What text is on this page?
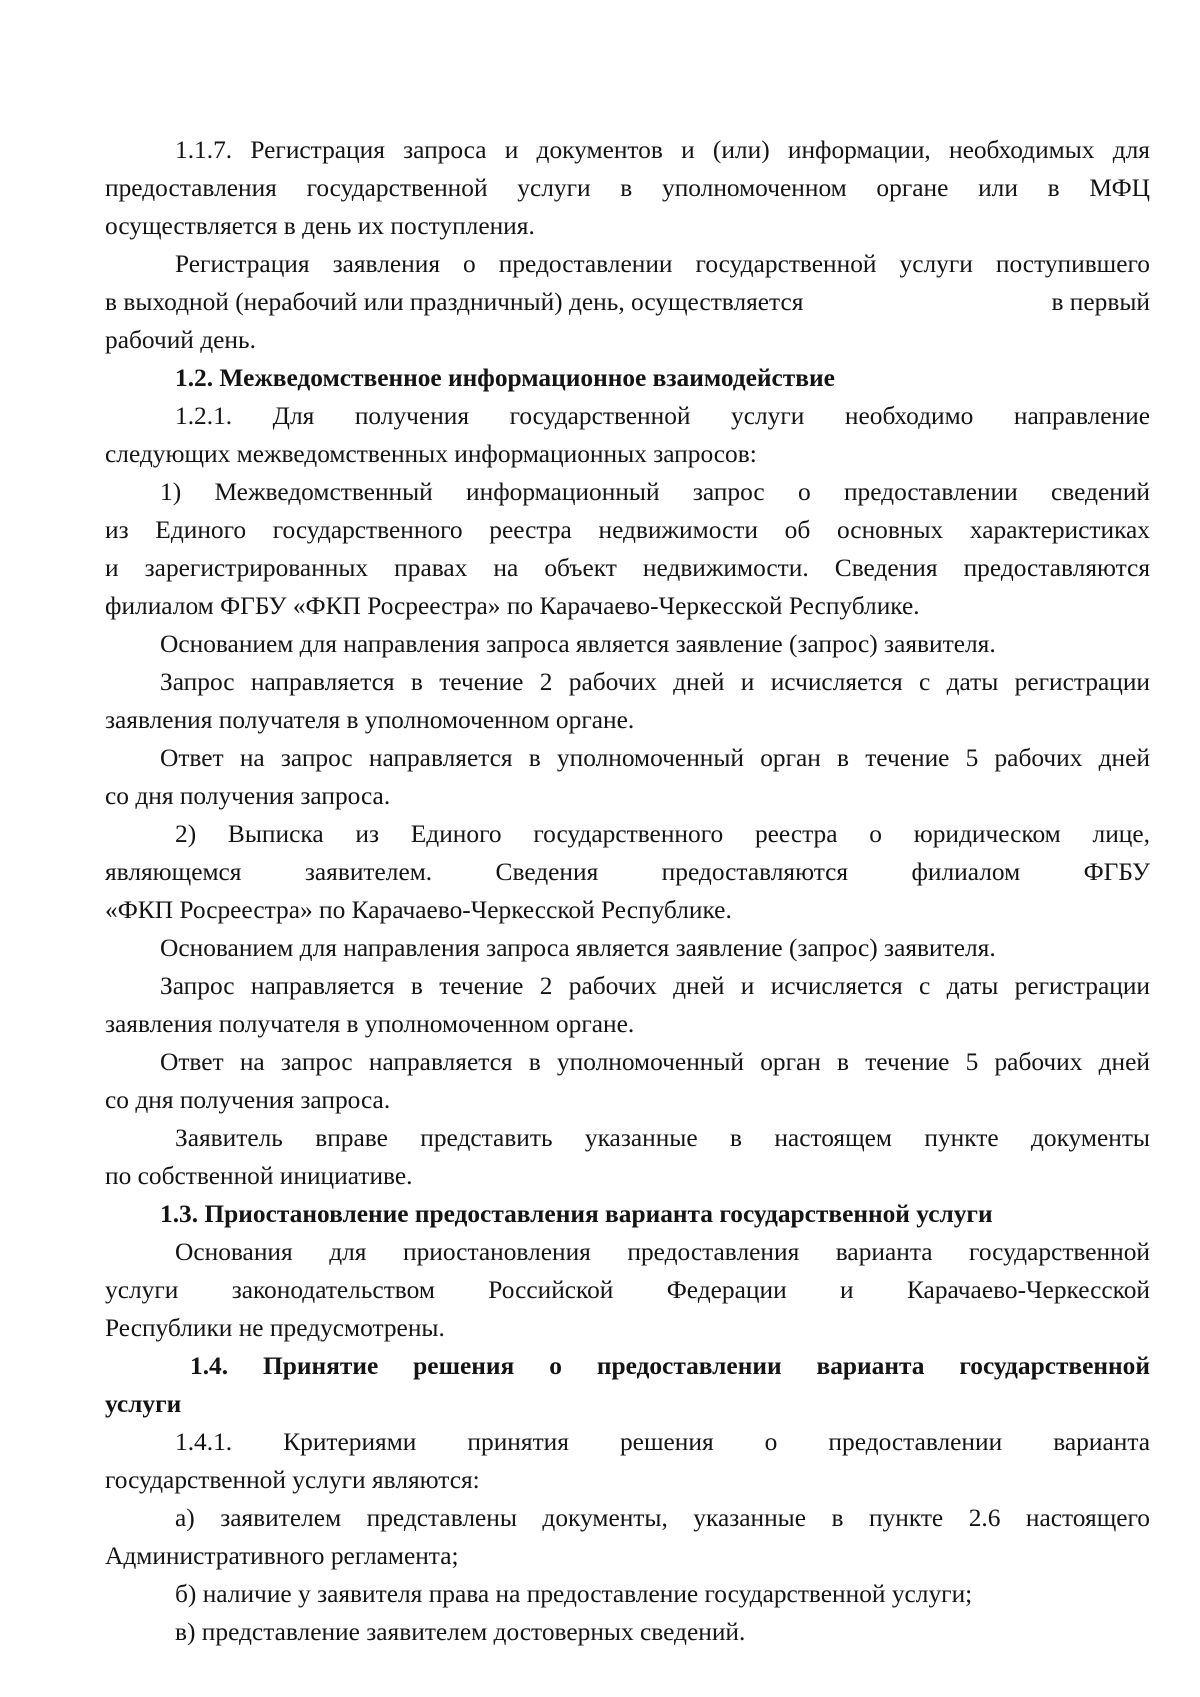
1.1.7. Регистрация запроса и документов и (или) информации, необходимых для
предоставления государственной услуги в уполномоченном органе или в МФЦ
осуществляется в день их поступления.
Регистрация заявления о предоставлении государственной услуги поступившего
в выходной (нерабочий или праздничный) день, осуществляется	в первый
рабочий день.
1.2. Межведомственное информационное взаимодействие
1.2.1. Для получения государственной услуги необходимо направление
следующих межведомственных информационных запросов:
1) Межведомственный информационный запрос о предоставлении сведений
из Единого государственного реестра недвижимости об основных характеристиках
и зарегистрированных правах на объект недвижимости. Сведения предоставляются
филиалом ФГБУ «ФКП Росреестра» по Карачаево-Черкесской Республике.
Основанием для направления запроса является заявление (запрос) заявителя.
Запрос направляется в течение 2 рабочих дней и исчисляется с даты регистрации
заявления получателя в уполномоченном органе.
Ответ на запрос направляется в уполномоченный орган в течение 5 рабочих дней
со дня получения запроса.
2) Выписка из Единого государственного реестра о юридическом лице,
являющемся заявителем. Сведения предоставляются филиалом ФГБУ
«ФКП Росреестра» по Карачаево-Черкесской Республике.
Основанием для направления запроса является заявление (запрос) заявителя.
Запрос направляется в течение 2 рабочих дней и исчисляется с даты регистрации
заявления получателя в уполномоченном органе.
Ответ на запрос направляется в уполномоченный орган в течение 5 рабочих дней
со дня получения запроса.
Заявитель вправе представить указанные в настоящем пункте документы
по собственной инициативе.
1.3. Приостановление предоставления варианта государственной услуги
Основания для приостановления предоставления варианта государственной
услуги законодательством Российской Федерации и Карачаево-Черкесской
Республики не предусмотрены.
1.4. Принятие решения о предоставлении варианта государственной
услуги
1.4.1. Критериями принятия решения о предоставлении варианта
государственной услуги являются:
а) заявителем представлены документы, указанные в пункте 2.6 настоящего
Административного регламента;
б) наличие у заявителя права на предоставление государственной услуги;
в) представление заявителем достоверных сведений.
